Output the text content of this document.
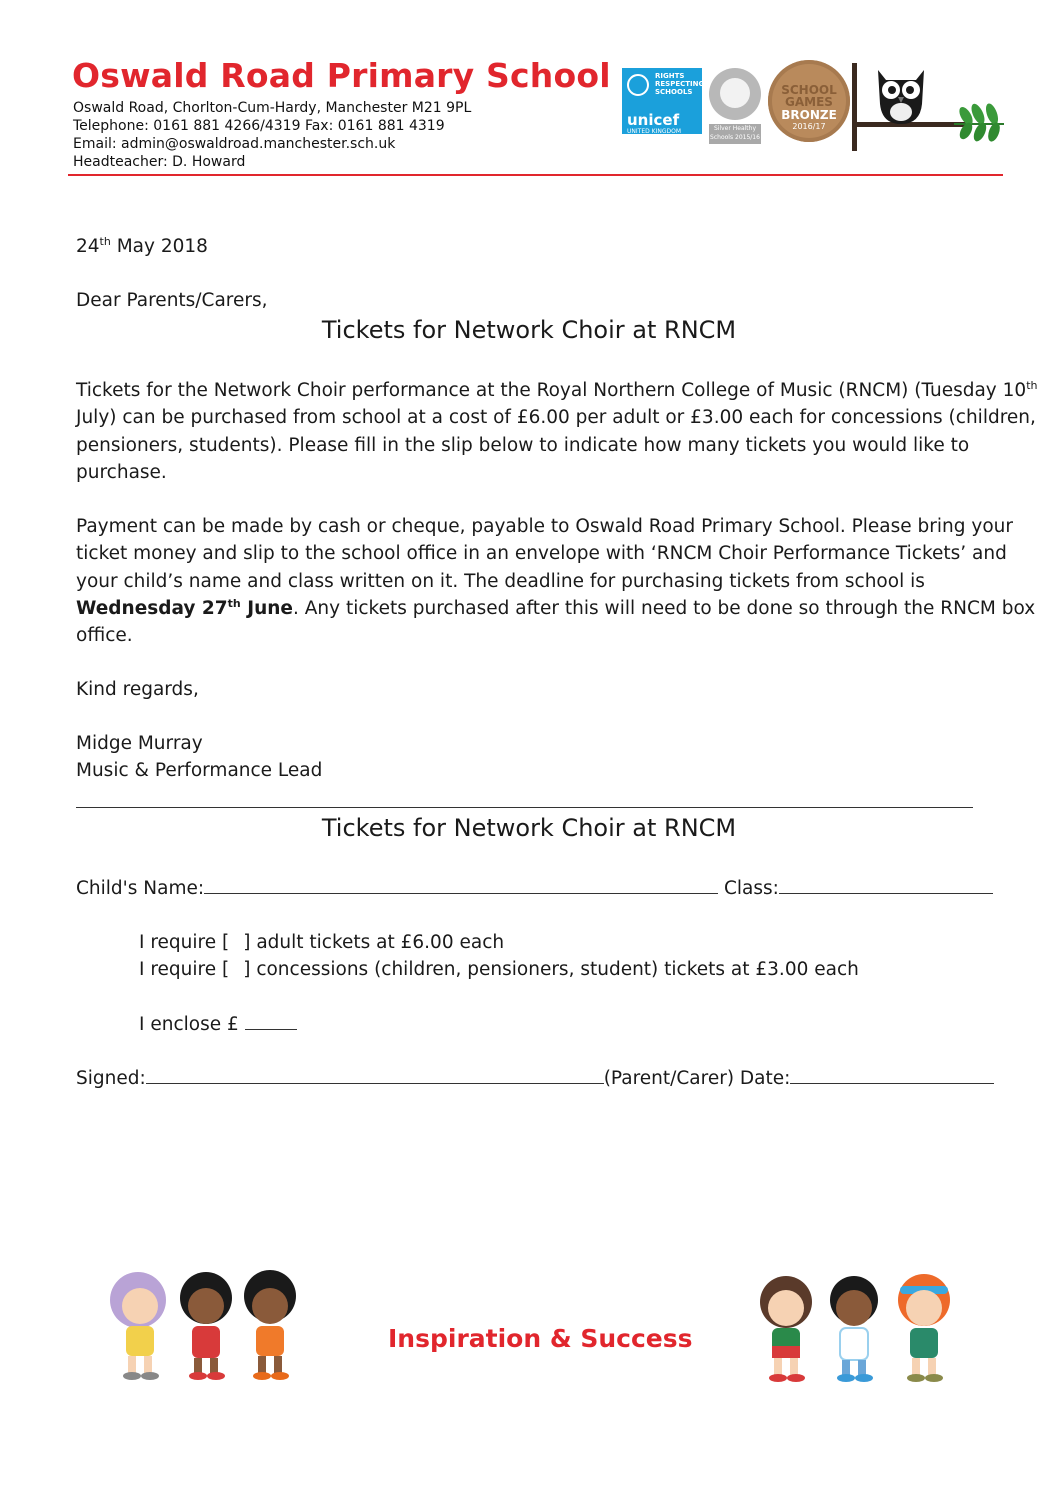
Oswald Road Primary School
Oswald Road, Chorlton-Cum-Hardy, Manchester M21 9PL
Telephone: 0161 881 4266/4319 Fax: 0161 881 4319
Email: admin@oswaldroad.manchester.sch.uk
Headteacher: D. Howard
RIGHTS RESPECTING SCHOOLS
unicef
UNITED KINGDOM
LEVEL 1
Silver Healthy Schools 2015/16
SCHOOL GAMES
BRONZE
2016/17
24th May 2018
Dear Parents/Carers,
Tickets for Network Choir at RNCM
Tickets for the Network Choir performance at the Royal Northern College of Music (RNCM) (Tuesday 10th
July) can be purchased from school at a cost of £6.00 per adult or £3.00 each for concessions (children,
pensioners, students). Please fill in the slip below to indicate how many tickets you would like to
purchase.
Payment can be made by cash or cheque, payable to Oswald Road Primary School. Please bring your
ticket money and slip to the school office in an envelope with ‘RNCM Choir Performance Tickets’ and
your child’s name and class written on it. The deadline for purchasing tickets from school is
Wednesday 27th June. Any tickets purchased after this will need to be done so through the RNCM box
office.
Kind regards,
Midge Murray
Music & Performance Lead
Tickets for Network Choir at RNCM
Child's Name:	Class:
I require [ ] adult tickets at £6.00 each
I require [ ] concessions (children, pensioners, student) tickets at £3.00 each
I enclose £
Signed:	(Parent/Carer) Date:
Inspiration & Success
